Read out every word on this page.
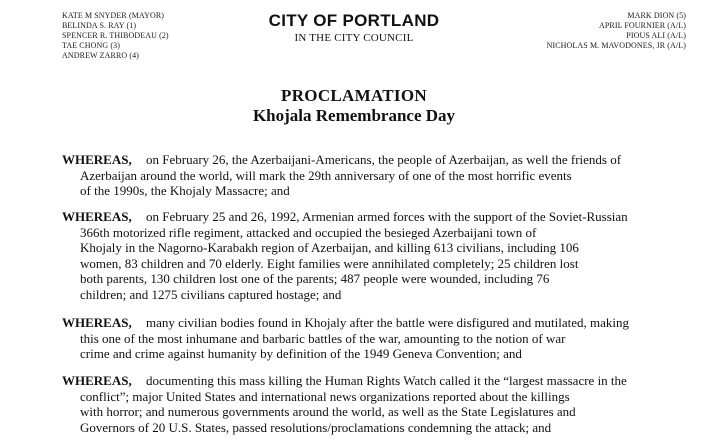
KATE M SNYDER (MAYOR)
BELINDA S. RAY (1)
SPENCER R. THIBODEAU (2)
TAE CHONG (3)
ANDREW ZARRO (4)
CITY OF PORTLAND
IN THE CITY COUNCIL
MARK DION (5)
APRIL FOURNIER (A/L)
PIOUS ALI (A/L)
NICHOLAS M. MAVODONES, JR (A/L)
PROCLAMATION
Khojala Remembrance Day
WHEREAS,	on February 26, the Azerbaijani-Americans, the people of Azerbaijan, as well the friends of
Azerbaijan around the world, will mark the 29th anniversary of one of the most horrific events
of the 1990s, the Khojaly Massacre; and
WHEREAS,	on February 25 and 26, 1992, Armenian armed forces with the support of the Soviet-Russian
366th motorized rifle regiment, attacked and occupied the besieged Azerbaijani town of
Khojaly in the Nagorno-Karabakh region of Azerbaijan, and killing 613 civilians, including 106
women, 83 children and 70 elderly. Eight families were annihilated completely; 25 children lost
both parents, 130 children lost one of the parents; 487 people were wounded, including 76
children; and 1275 civilians captured hostage; and
WHEREAS,	many civilian bodies found in Khojaly after the battle were disfigured and mutilated, making
this one of the most inhumane and barbaric battles of the war, amounting to the notion of war
crime and crime against humanity by definition of the 1949 Geneva Convention; and
WHEREAS,	documenting this mass killing the Human Rights Watch called it the “largest massacre in the
conflict”; major United States and international news organizations reported about the killings
with horror; and numerous governments around the world, as well as the State Legislatures and
Governors of 20 U.S. States, passed resolutions/proclamations condemning the attack; and
